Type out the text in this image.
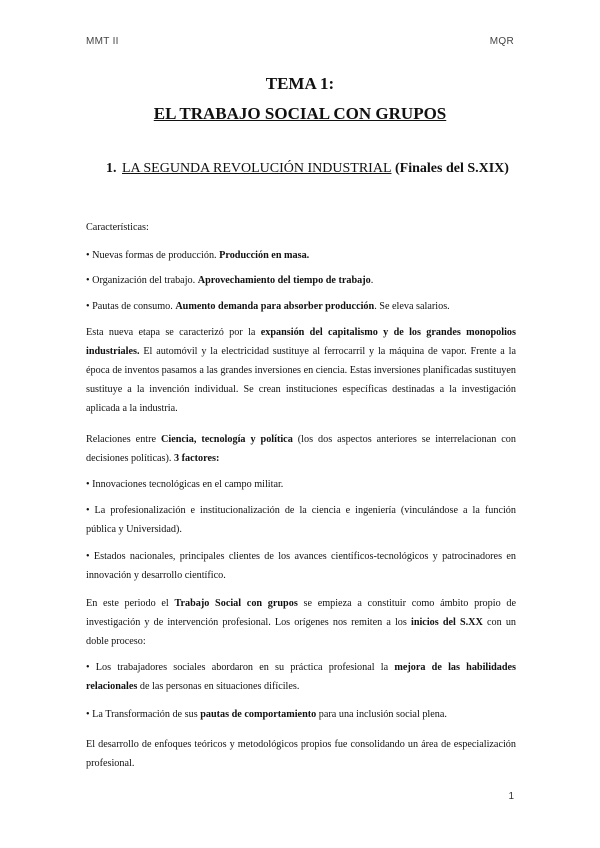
MMT II	MQR
TEMA 1:
EL TRABAJO SOCIAL CON GRUPOS
1. LA SEGUNDA REVOLUCIÓN INDUSTRIAL (Finales del S.XIX)
Características:
• Nuevas formas de producción. Producción en masa.
• Organización del trabajo. Aprovechamiento del tiempo de trabajo.
• Pautas de consumo. Aumento demanda para absorber producción. Se eleva salarios.
Esta nueva etapa se caracterizó por la expansión del capitalismo y de los grandes monopolios industriales. El automóvil y la electricidad sustituye al ferrocarril y la máquina de vapor. Frente a la época de inventos pasamos a las grandes inversiones en ciencia. Estas inversiones planificadas sustituyen sustituye a la invención individual. Se crean instituciones específicas destinadas a la investigación aplicada a la industria.
Relaciones entre Ciencia, tecnología y política (los dos aspectos anteriores se interrelacionan con decisiones políticas). 3 factores:
• Innovaciones tecnológicas en el campo militar.
• La profesionalización e institucionalización de la ciencia e ingeniería (vinculándose a la función pública y Universidad).
• Estados nacionales, principales clientes de los avances científicos-tecnológicos y patrocinadores en innovación y desarrollo científico.
En este periodo el Trabajo Social con grupos se empieza a constituir como ámbito propio de investigación y de intervención profesional. Los orígenes nos remiten a los inicios del S.XX con un doble proceso:
• Los trabajadores sociales abordaron en su práctica profesional la mejora de las habilidades relacionales de las personas en situaciones difíciles.
• La Transformación de sus pautas de comportamiento para una inclusión social plena.
El desarrollo de enfoques teóricos y metodológicos propios fue consolidando un área de especialización profesional.
1
